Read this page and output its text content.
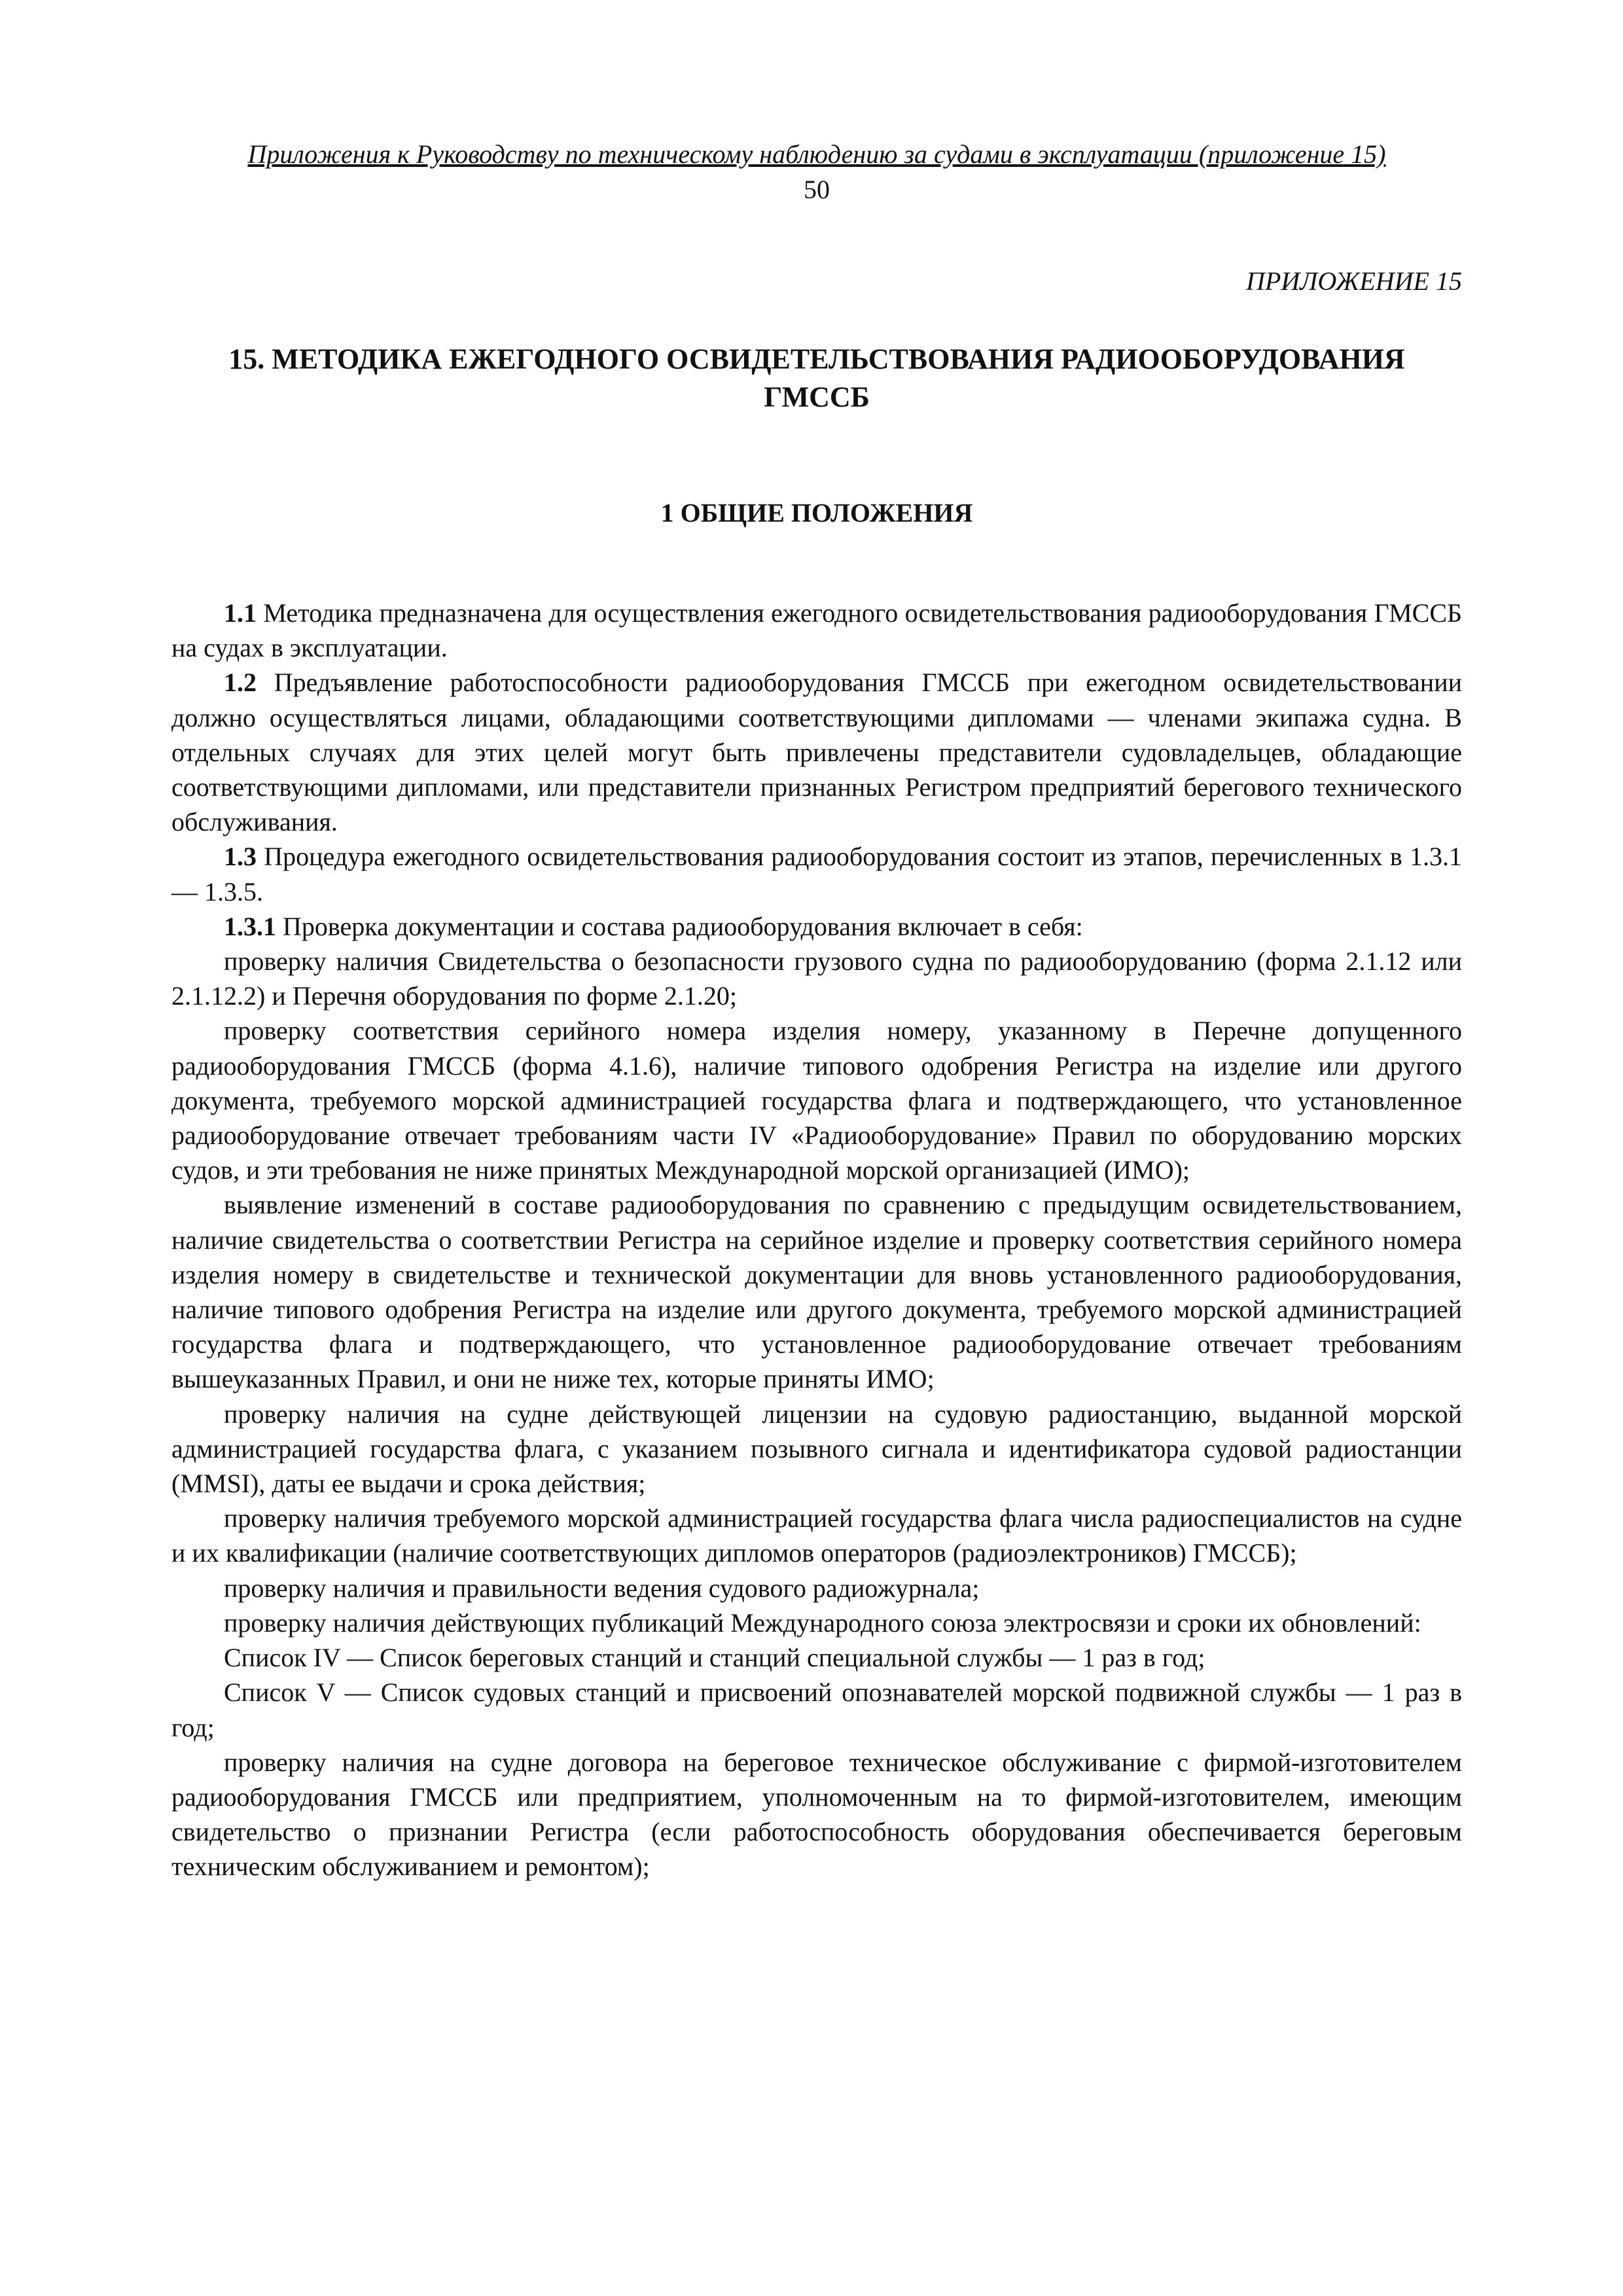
Приложения к Руководству по техническому наблюдению за судами в эксплуатации (приложение 15)

50

ПРИЛОЖЕНИЕ 15

15. МЕТОДИКА ЕЖЕГОДНОГО ОСВИДЕТЕЛЬСТВОВАНИЯ РАДИООБОРУДОВАНИЯ
ГМССБ

1 ОБЩИЕ ПОЛОЖЕНИЯ

1.1 Методика предназначена для осуществления ежегодного освидетельствования радиооборудования ГМССБ на судах в эксплуатации.

1.2 Предъявление работоспособности радиооборудования ГМССБ при ежегодном освидетельствовании должно осуществляться лицами, обладающими соответствующими дипломами — членами экипажа судна. В отдельных случаях для этих целей могут быть привлечены представители судовладельцев, обладающие соответствующими дипломами, или представители признанных Регистром предприятий берегового технического обслуживания.

1.3 Процедура ежегодного освидетельствования радиооборудования состоит из этапов, перечисленных в 1.3.1 — 1.3.5.

1.3.1 Проверка документации и состава радиооборудования включает в себя:

проверку наличия Свидетельства о безопасности грузового судна по радиооборудованию (форма 2.1.12 или 2.1.12.2) и Перечня оборудования по форме 2.1.20;

проверку соответствия серийного номера изделия номеру, указанному в Перечне допущенного радиооборудования ГМССБ (форма 4.1.6), наличие типового одобрения Регистра на изделие или другого документа, требуемого морской администрацией государства флага и подтверждающего, что установленное радиооборудование отвечает требованиям части IV «Радиооборудование» Правил по оборудованию морских судов, и эти требования не ниже принятых Международной морской организацией (ИМО);

выявление изменений в составе радиооборудования по сравнению с предыдущим освидетельствованием, наличие свидетельства о соответствии Регистра на серийное изделие и проверку соответствия серийного номера изделия номеру в свидетельстве и технической документации для вновь установленного радиооборудования, наличие типового одобрения Регистра на изделие или другого документа, требуемого морской администрацией государства флага и подтверждающего, что установленное радиооборудование отвечает требованиям вышеуказанных Правил, и они не ниже тех, которые приняты ИМО;

проверку наличия на судне действующей лицензии на судовую радиостанцию, выданной морской администрацией государства флага, с указанием позывного сигнала и идентификатора судовой радиостанции (MMSI), даты ее выдачи и срока действия;

проверку наличия требуемого морской администрацией государства флага числа радиоспециалистов на судне и их квалификации (наличие соответствующих дипломов операторов (радиоэлектроников) ГМССБ);

проверку наличия и правильности ведения судового радиожурнала;

проверку наличия действующих публикаций Международного союза электросвязи и сроки их обновлений:

Список IV — Список береговых станций и станций специальной службы — 1 раз в год;

Список V — Список судовых станций и присвоений опознавателей морской подвижной службы — 1 раз в год;

проверку наличия на судне договора на береговое техническое обслуживание с фирмой-изготовителем радиооборудования ГМССБ или предприятием, уполномоченным на то фирмой-изготовителем, имеющим свидетельство о признании Регистра (если работоспособность оборудования обеспечивается береговым техническим обслуживанием и ремонтом);
